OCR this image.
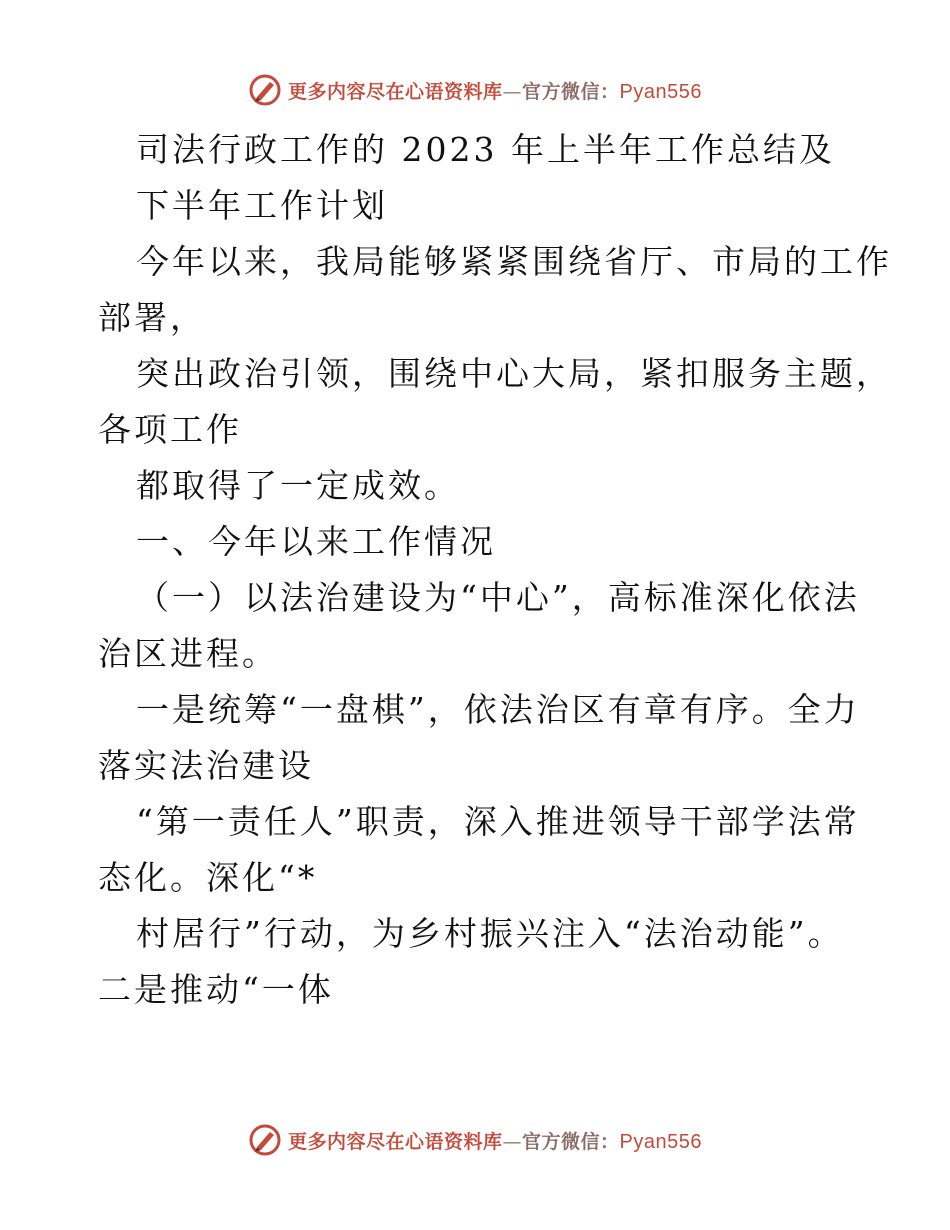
更多内容尽在心语资料库—官方微信：Pyan556
司法行政工作的 2023 年上半年工作总结及
下半年工作计划
今年以来，我局能够紧紧围绕省厅、市局的工作
部署，
突出政治引领，围绕中心大局，紧扣服务主题，
各项工作
都取得了一定成效。
一、今年以来工作情况
（一）以法治建设为“中心”，高标准深化依法
治区进程。
一是统筹“一盘棋”，依法治区有章有序。全力
落实法治建设
“第一责任人”职责，深入推进领导干部学法常
态化。深化“*
村居行”行动，为乡村振兴注入“法治动能”。
二是推动“一体
更多内容尽在心语资料库—官方微信：Pyan556
